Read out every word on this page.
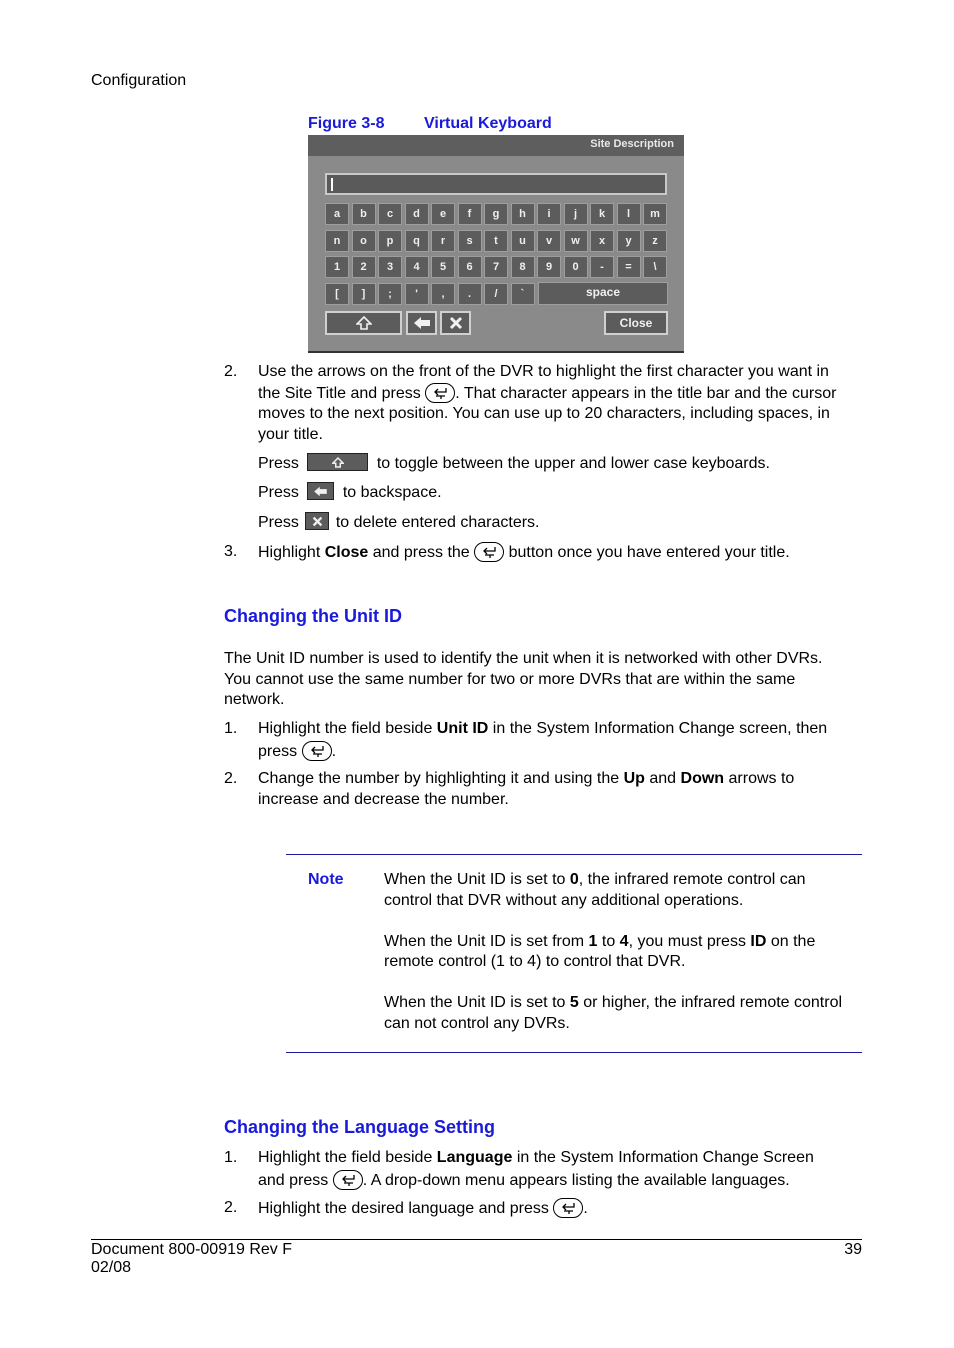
Configuration
Figure 3-8 Virtual Keyboard
Site Description
a	b	c	d	e	f	g	h	i	j	k	l	m
n	o	p	q	r	s	t	u	v	w	x	y	z
1	2	3	4	5	6	7	8	9	0	-	=	\
[	]	;	'	,	.	/	`	space
Close
2. Use the arrows on the front of the DVR to highlight the first character you want in
the Site Title and press . That character appears in the title bar and the cursor
moves to the next position. You can use up to 20 characters, including spaces, in
your title.
Press	to toggle between the upper and lower case keyboards.
Press	to backspace.
Press to delete entered characters.
3. Highlight Close and press the button once you have entered your title.
Changing the Unit ID
The Unit ID number is used to identify the unit when it is networked with other DVRs.
You cannot use the same number for two or more DVRs that are within the same
network.
1. Highlight the field beside Unit ID in the System Information Change screen, then
press .
2. Change the number by highlighting it and using the Up and Down arrows to
increase and decrease the number.
Note	When the Unit ID is set to 0, the infrared remote control can
control that DVR without any additional operations.
When the Unit ID is set from 1 to 4, you must press ID on the
remote control (1 to 4) to control that DVR.
When the Unit ID is set to 5 or higher, the infrared remote control
can not control any DVRs.
Changing the Language Setting
1. Highlight the field beside Language in the System Information Change Screen
and press . A drop-down menu appears listing the available languages.
2. Highlight the desired language and press .
Document 800-00919 Rev F
02/08
39
